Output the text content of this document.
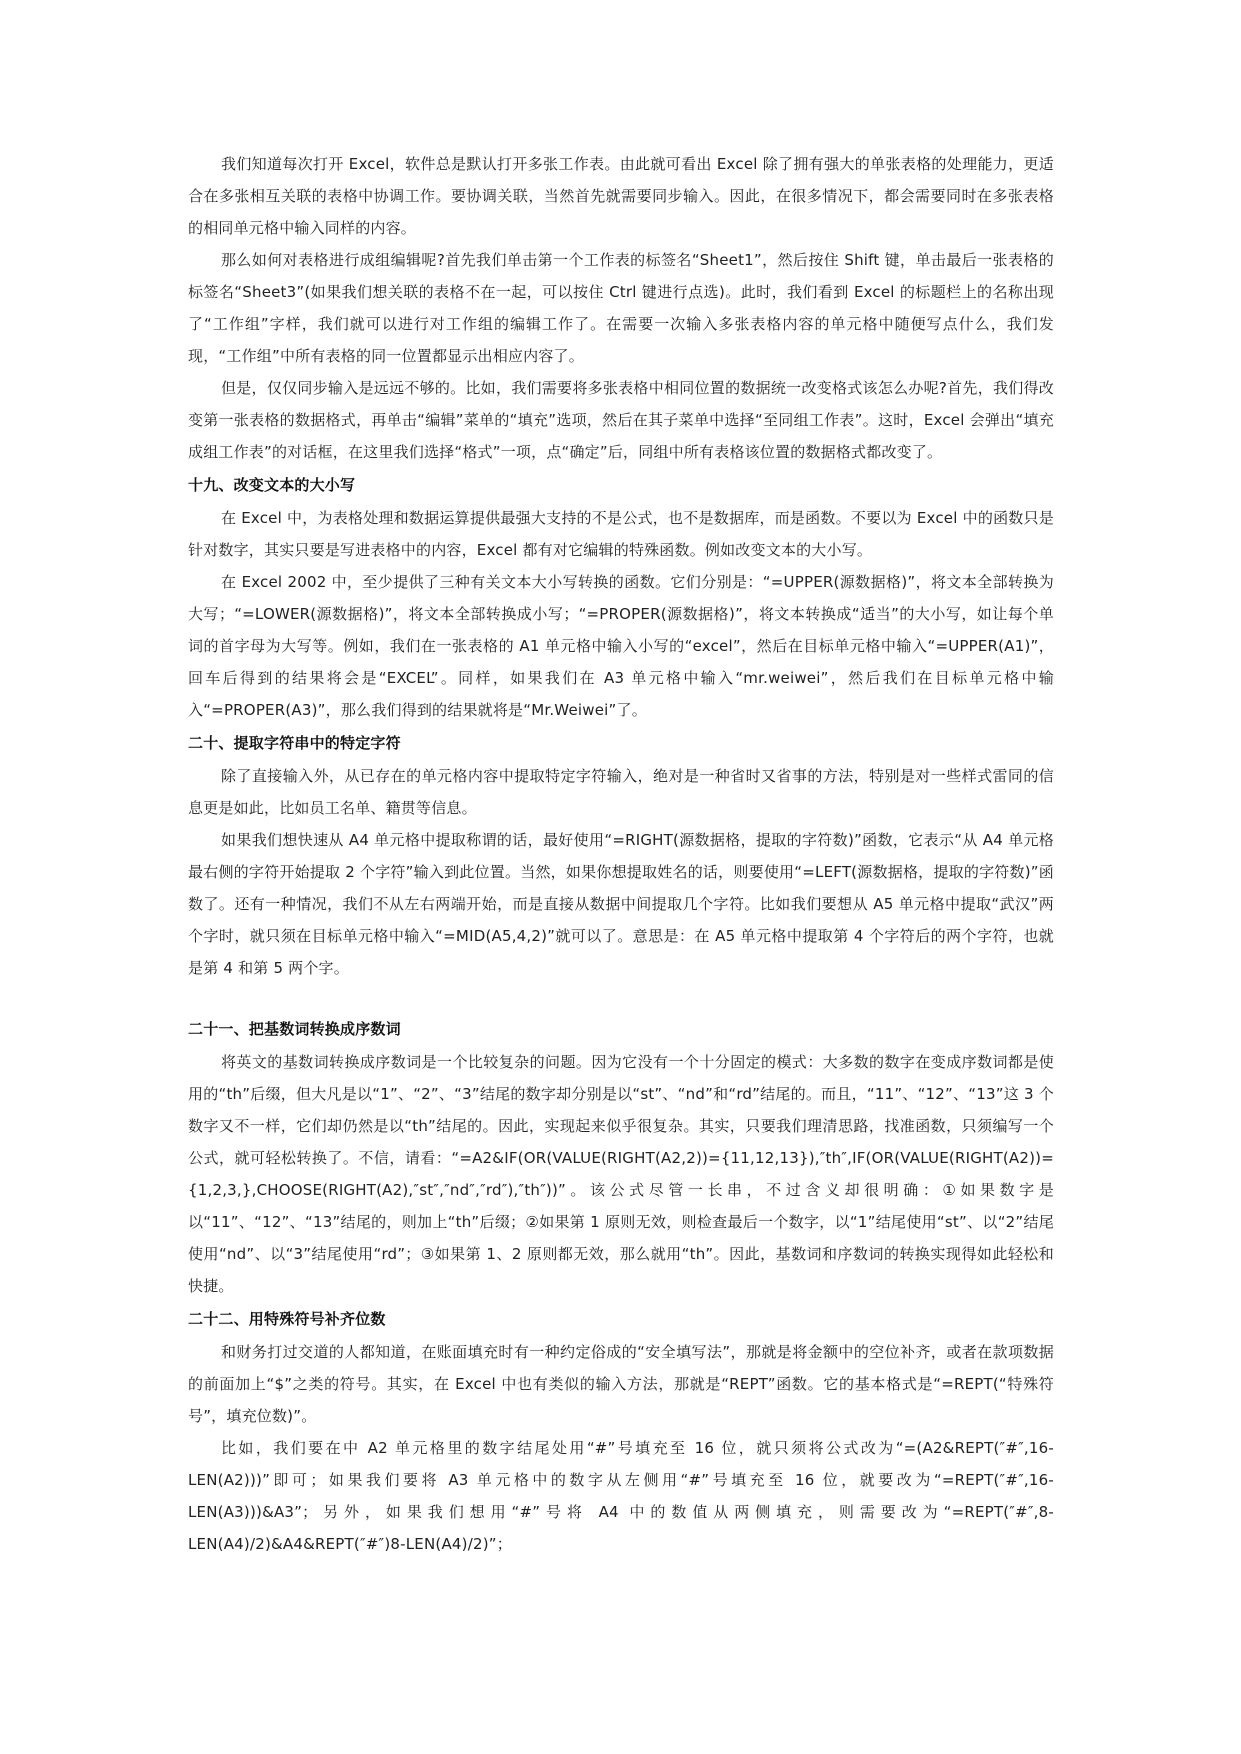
我们知道每次打开 Excel，软件总是默认打开多张工作表。由此就可看出 Excel 除了拥有强大的单张表格的处理能力，更适合在多张相互关联的表格中协调工作。要协调关联，当然首先就需要同步输入。因此，在很多情况下，都会需要同时在多张表格的相同单元格中输入同样的内容。

那么如何对表格进行成组编辑呢?首先我们单击第一个工作表的标签名“Sheet1”，然后按住 Shift 键，单击最后一张表格的标签名“Sheet3”(如果我们想关联的表格不在一起，可以按住 Ctrl 键进行点选)。此时，我们看到 Excel 的标题栏上的名称出现了“工作组”字样，我们就可以进行对工作组的编辑工作了。在需要一次输入多张表格内容的单元格中随便写点什么，我们发现，“工作组”中所有表格的同一位置都显示出相应内容了。

但是，仅仅同步输入是远远不够的。比如，我们需要将多张表格中相同位置的数据统一改变格式该怎么办呢?首先，我们得改变第一张表格的数据格式，再单击“编辑”菜单的“填充”选项，然后在其子菜单中选择“至同组工作表”。这时，Excel 会弹出“填充成组工作表”的对话框，在这里我们选择“格式”一项，点“确定”后，同组中所有表格该位置的数据格式都改变了。

十九、改变文本的大小写

在 Excel 中，为表格处理和数据运算提供最强大支持的不是公式，也不是数据库，而是函数。不要以为 Excel 中的函数只是针对数字，其实只要是写进表格中的内容，Excel 都有对它编辑的特殊函数。例如改变文本的大小写。

在 Excel 2002 中，至少提供了三种有关文本大小写转换的函数。它们分别是：“=UPPER(源数据格)”，将文本全部转换为大写；“=LOWER(源数据格)”，将文本全部转换成小写；“=PROPER(源数据格)”，将文本转换成“适当”的大小写，如让每个单词的首字母为大写等。例如，我们在一张表格的 A1 单元格中输入小写的“excel”，然后在目标单元格中输入“=UPPER(A1)”，回车后得到的结果将会是“EXCEL”。同样，如果我们在 A3 单元格中输入“mr.weiwei”，然后我们在目标单元格中输入“=PROPER(A3)”，那么我们得到的结果就将是“Mr.Weiwei”了。

二十、提取字符串中的特定字符

除了直接输入外，从已存在的单元格内容中提取特定字符输入，绝对是一种省时又省事的方法，特别是对一些样式雷同的信息更是如此，比如员工名单、籍贯等信息。

如果我们想快速从 A4 单元格中提取称谓的话，最好使用“=RIGHT(源数据格，提取的字符数)”函数，它表示“从 A4 单元格最右侧的字符开始提取 2 个字符”输入到此位置。当然，如果你想提取姓名的话，则要使用“=LEFT(源数据格，提取的字符数)”函数了。还有一种情况，我们不从左右两端开始，而是直接从数据中间提取几个字符。比如我们要想从 A5 单元格中提取“武汉”两个字时，就只须在目标单元格中输入“=MID(A5,4,2)”就可以了。意思是：在 A5 单元格中提取第 4 个字符后的两个字符，也就是第 4 和第 5 两个字。

二十一、把基数词转换成序数词

将英文的基数词转换成序数词是一个比较复杂的问题。因为它没有一个十分固定的模式：大多数的数字在变成序数词都是使用的“th”后缀，但大凡是以“1”、“2”、“3”结尾的数字却分别是以“st”、“nd”和“rd”结尾的。而且，“11”、“12”、“13”这 3 个数字又不一样，它们却仍然是以“th”结尾的。因此，实现起来似乎很复杂。其实，只要我们理清思路，找准函数，只须编写一个公式，就可轻松转换了。不信，请看：“=A2&IF(OR(VALUE(RIGHT(A2,2))={11,12,13}),″th″,IF(OR(VALUE(RIGHT(A2))={1,2,3,},CHOOSE(RIGHT(A2),″st″,″nd″,″rd″),″th″))”。该公式尽管一长串，不过含义却很明确：①如果数字是以“11”、“12”、“13”结尾的，则加上“th”后缀；②如果第 1 原则无效，则检查最后一个数字，以“1”结尾使用“st”、以“2”结尾使用“nd”、以“3”结尾使用“rd”；③如果第 1、2 原则都无效，那么就用“th”。因此，基数词和序数词的转换实现得如此轻松和快捷。

二十二、用特殊符号补齐位数

和财务打过交道的人都知道，在账面填充时有一种约定俗成的“安全填写法”，那就是将金额中的空位补齐，或者在款项数据的前面加上“$”之类的符号。其实，在 Excel 中也有类似的输入方法，那就是“REPT”函数。它的基本格式是“=REPT(“特殊符号”，填充位数)”。

比如，我们要在中 A2 单元格里的数字结尾处用“#”号填充至 16 位，就只须将公式改为“=(A2&REPT(″#″,16-LEN(A2)))”即可；如果我们要将 A3 单元格中的数字从左侧用“#”号填充至 16 位，就要改为“=REPT(″#″,16-LEN(A3)))&A3”；另外，如果我们想用“#”号将 A4 中的数值从两侧填充，则需要改为“=REPT(″#″,8-LEN(A4)/2)&A4&REPT(″#″)8-LEN(A4)/2)”；
